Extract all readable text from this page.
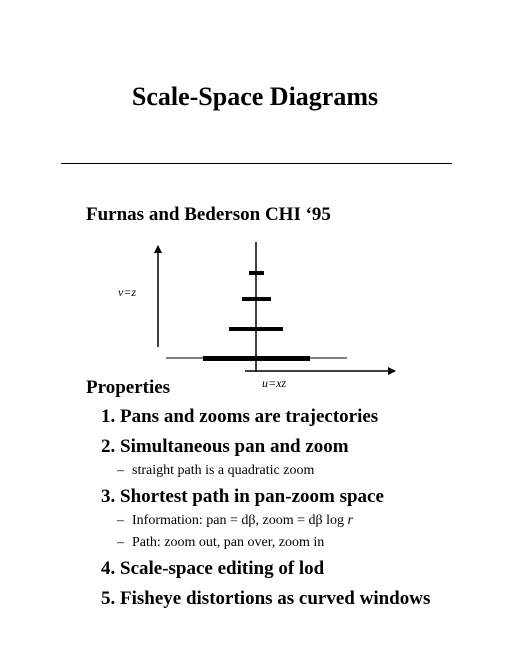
Scale-Space Diagrams
Furnas and Bederson CHI ‘95
v=z
u=xz
Properties
1. Pans and zooms are trajectories
2. Simultaneous pan and zoom
– straight path is a quadratic zoom
3. Shortest path in pan-zoom space
– Information: pan = dβ, zoom = dβ log r
– Path: zoom out, pan over, zoom in
4. Scale-space editing of lod
5. Fisheye distortions as curved windows
